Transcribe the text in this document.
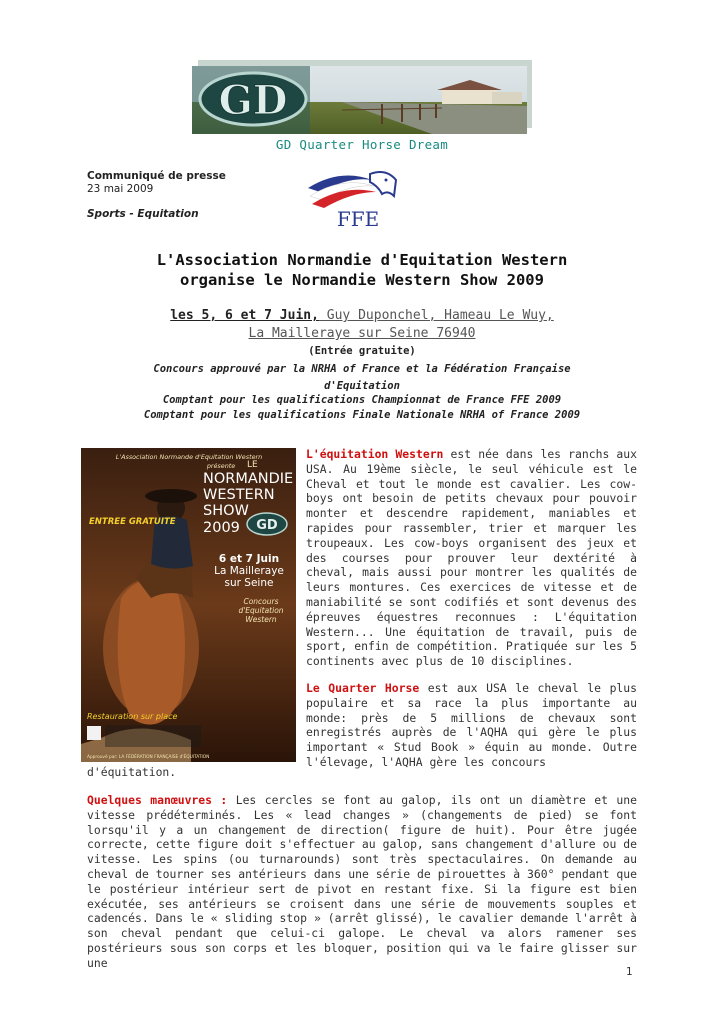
GD
GD Quarter Horse Dream
Communiqué de presse
23 mai 2009
Sports - Equitation	FFE
L'Association Normandie d'Equitation Western
organise le Normandie Western Show 2009
les 5, 6 et 7 Juin, Guy Duponchel, Hameau Le Wuy,
La Mailleraye sur Seine 76940
(Entrée gratuite)
Concours approuvé par la NRHA of France et la Fédération Française
d'Equitation
Comptant pour les qualifications Championnat de France FFE 2009
Comptant pour les qualifications Finale Nationale NRHA of France 2009
L'Association Normande d'Equitation Western
présente LE
NORMANDIE
WESTERN
SHOW
2009
ENTREE GRATUITE	GD
6 et 7 Juin
La Mailleraye
sur Seine
Concours
d'Equitation
Western
Restauration sur place
Approuvé par: LA FÉDÉRATION FRANÇAISE d'ÉQUITATION
L'équitation Western est née dans les ranchs aux USA. Au 19ème siècle, le seul véhicule est le Cheval et tout le monde est cavalier. Les cow-boys ont besoin de petits chevaux pour pouvoir monter et descendre rapidement, maniables et rapides pour rassembler, trier et marquer les troupeaux. Les cow-boys organisent des jeux et des courses pour prouver leur dextérité à cheval, mais aussi pour montrer les qualités de leurs montures. Ces exercices de vitesse et de maniabilité se sont codifiés et sont devenus des épreuves équestres reconnues : L'équitation Western... Une équitation de travail, puis de sport, enfin de compétition. Pratiquée sur les 5 continents avec plus de 10 disciplines.
Le Quarter Horse est aux USA le cheval le plus populaire et sa race la plus importante au monde: près de 5 millions de chevaux sont enregistrés auprès de l'AQHA qui gère le plus important « Stud Book » équin au monde. Outre l'élevage, l'AQHA gère les concours
d'équitation.
Quelques manœuvres : Les cercles se font au galop, ils ont un diamètre et une vitesse prédéterminés. Les « lead changes » (changements de pied) se font lorsqu'il y a un changement de direction( figure de huit). Pour être jugée correcte, cette figure doit s'effectuer au galop, sans changement d'allure ou de vitesse. Les spins (ou turnarounds) sont très spectaculaires. On demande au cheval de tourner ses antérieurs dans une série de pirouettes à 360° pendant que le postérieur intérieur sert de pivot en restant fixe. Si la figure est bien exécutée, ses antérieurs se croisent dans une série de mouvements souples et cadencés. Dans le « sliding stop » (arrêt glissé), le cavalier demande l'arrêt à son cheval pendant que celui-ci galope. Le cheval va alors ramener ses postérieurs sous son corps et les bloquer, position qui va le faire glisser sur une
1
